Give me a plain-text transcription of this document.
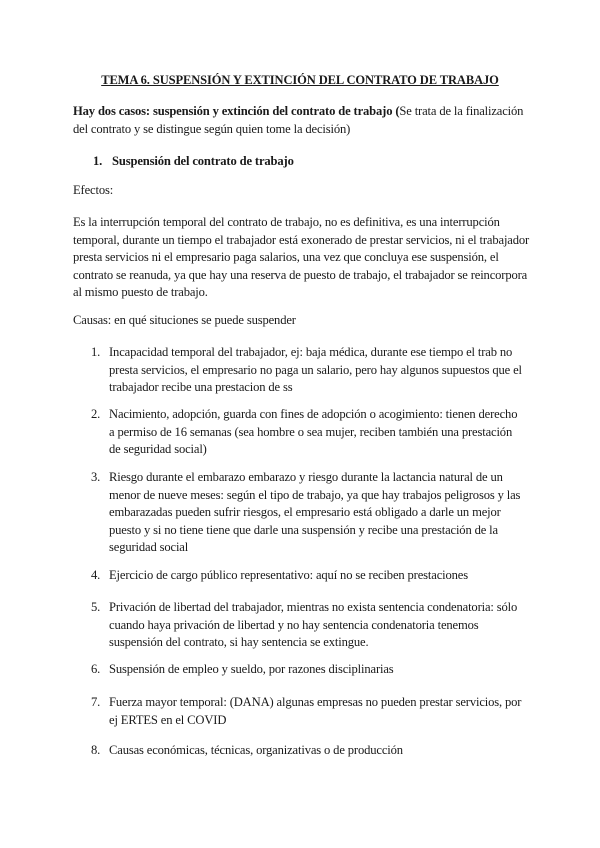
TEMA 6. SUSPENSIÓN Y EXTINCIÓN DEL CONTRATO DE TRABAJO

Hay dos casos: suspensión y extinción del contrato de trabajo (Se trata de la finalización del contrato y se distingue según quien tome la decisión)

1. Suspensión del contrato de trabajo

Efectos:

Es la interrupción temporal del contrato de trabajo, no es definitiva, es una interrupción temporal, durante un tiempo el trabajador está exonerado de prestar servicios, ni el trabajador presta servicios ni el empresario paga salarios, una vez que concluya ese suspensión, el contrato se reanuda, ya que hay una reserva de puesto de trabajo, el trabajador se reincorpora al mismo puesto de trabajo.

Causas: en qué situciones se puede suspender

1. Incapacidad temporal del trabajador, ej: baja médica, durante ese tiempo el trab no presta servicios, el empresario no paga un salario, pero hay algunos supuestos que el trabajador recibe una prestacion de ss
2. Nacimiento, adopción, guarda con fines de adopción o acogimiento: tienen derecho a permiso de 16 semanas (sea hombre o sea mujer, reciben también una prestación de seguridad social)
3. Riesgo durante el embarazo embarazo y riesgo durante la lactancia natural de un menor de nueve meses: según el tipo de trabajo, ya que hay trabajos peligrosos y las embarazadas pueden sufrir riesgos, el empresario está obligado a darle un mejor puesto y si no tiene tiene que darle una suspensión y recibe una prestación de la seguridad social
4. Ejercicio de cargo público representativo: aquí no se reciben prestaciones
5. Privación de libertad del trabajador, mientras no exista sentencia condenatoria: sólo cuando haya privación de libertad y no hay sentencia condenatoria tenemos suspensión del contrato, si hay sentencia se extingue.
6. Suspensión de empleo y sueldo, por razones disciplinarias
7. Fuerza mayor temporal: (DANA) algunas empresas no pueden prestar servicios, por ej ERTES en el COVID
8. Causas económicas, técnicas, organizativas o de producción
